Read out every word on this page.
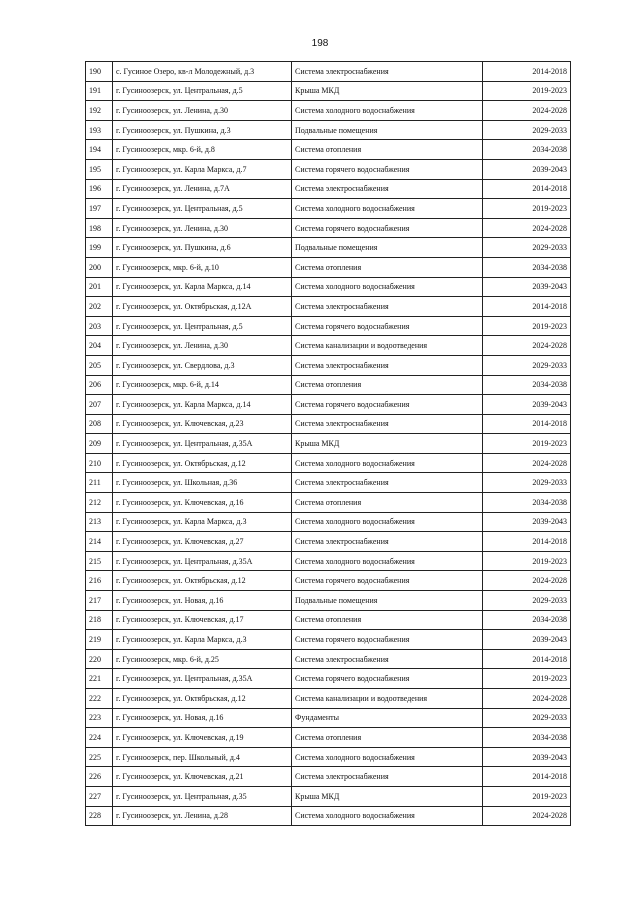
198
190	с. Гусиное Озеро, кв-л Молодежный, д.3	Система электроснабжения	2014-2018
191	г. Гусиноозерск, ул. Центральная, д.5	Крыша МКД	2019-2023
192	г. Гусиноозерск, ул. Ленина, д.30	Система холодного водоснабжения	2024-2028
193	г. Гусиноозерск, ул. Пушкина, д.3	Подвальные помещения	2029-2033
194	г. Гусиноозерск, мкр. 6-й, д.8	Система отопления	2034-2038
195	г. Гусиноозерск, ул. Карла Маркса, д.7	Система горячего водоснабжения	2039-2043
196	г. Гусиноозерск, ул. Ленина, д.7А	Система электроснабжения	2014-2018
197	г. Гусиноозерск, ул. Центральная, д.5	Система холодного водоснабжения	2019-2023
198	г. Гусиноозерск, ул. Ленина, д.30	Система горячего водоснабжения	2024-2028
199	г. Гусиноозерск, ул. Пушкина, д.6	Подвальные помещения	2029-2033
200	г. Гусиноозерск, мкр. 6-й, д.10	Система отопления	2034-2038
201	г. Гусиноозерск, ул. Карла Маркса, д.14	Система холодного водоснабжения	2039-2043
202	г. Гусиноозерск, ул. Октябрьская, д.12А	Система электроснабжения	2014-2018
203	г. Гусиноозерск, ул. Центральная, д.5	Система горячего водоснабжения	2019-2023
204	г. Гусиноозерск, ул. Ленина, д.30	Система канализации и водоотведения	2024-2028
205	г. Гусиноозерск, ул. Свердлова, д.3	Система электроснабжения	2029-2033
206	г. Гусиноозерск, мкр. 6-й, д.14	Система отопления	2034-2038
207	г. Гусиноозерск, ул. Карла Маркса, д.14	Система горячего водоснабжения	2039-2043
208	г. Гусиноозерск, ул. Ключевская, д.23	Система электроснабжения	2014-2018
209	г. Гусиноозерск, ул. Центральная, д.35А	Крыша МКД	2019-2023
210	г. Гусиноозерск, ул. Октябрьская, д.12	Система холодного водоснабжения	2024-2028
211	г. Гусиноозерск, ул. Школьная, д.36	Система электроснабжения	2029-2033
212	г. Гусиноозерск, ул. Ключевская, д.16	Система отопления	2034-2038
213	г. Гусиноозерск, ул. Карла Маркса, д.3	Система холодного водоснабжения	2039-2043
214	г. Гусиноозерск, ул. Ключевская, д.27	Система электроснабжения	2014-2018
215	г. Гусиноозерск, ул. Центральная, д.35А	Система холодного водоснабжения	2019-2023
216	г. Гусиноозерск, ул. Октябрьская, д.12	Система горячего водоснабжения	2024-2028
217	г. Гусиноозерск, ул. Новая, д.16	Подвальные помещения	2029-2033
218	г. Гусиноозерск, ул. Ключевская, д.17	Система отопления	2034-2038
219	г. Гусиноозерск, ул. Карла Маркса, д.3	Система горячего водоснабжения	2039-2043
220	г. Гусиноозерск, мкр. 6-й, д.25	Система электроснабжения	2014-2018
221	г. Гусиноозерск, ул. Центральная, д.35А	Система горячего водоснабжения	2019-2023
222	г. Гусиноозерск, ул. Октябрьская, д.12	Система канализации и водоотведения	2024-2028
223	г. Гусиноозерск, ул. Новая, д.16	Фундаменты	2029-2033
224	г. Гусиноозерск, ул. Ключевская, д.19	Система отопления	2034-2038
225	г. Гусиноозерск, пер. Школьный, д.4	Система холодного водоснабжения	2039-2043
226	г. Гусиноозерск, ул. Ключевская, д.21	Система электроснабжения	2014-2018
227	г. Гусиноозерск, ул. Центральная, д.35	Крыша МКД	2019-2023
228	г. Гусиноозерск, ул. Ленина, д.28	Система холодного водоснабжения	2024-2028
